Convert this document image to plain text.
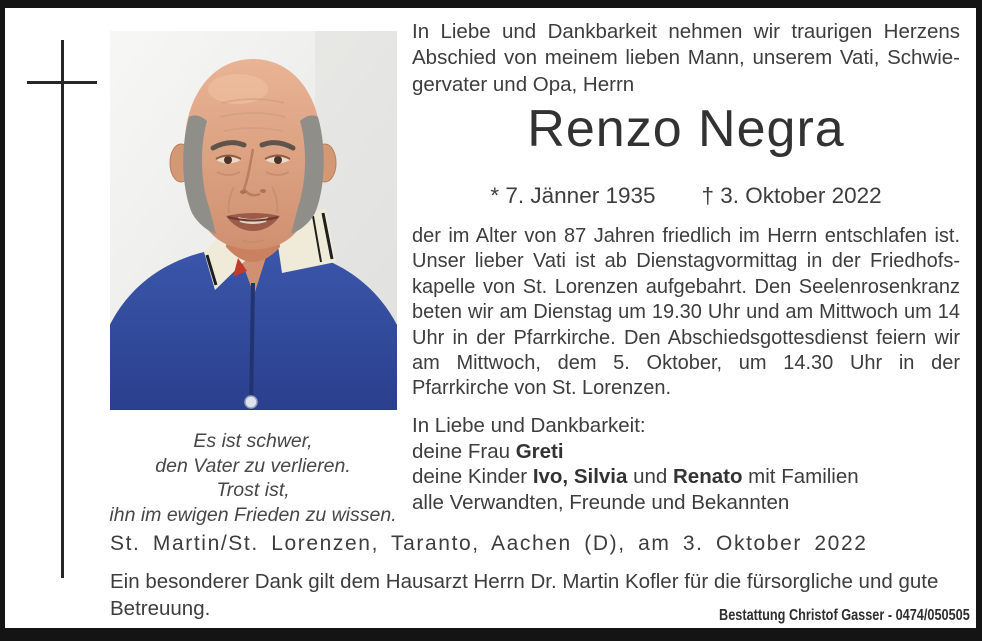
Es ist schwer,
den Vater zu verlieren.
Trost ist,
ihn im ewigen Frieden zu wissen.
In Liebe und Dankbarkeit nehmen wir traurigen Herzens Abschied von meinem lieben Mann, unserem Vati, Schwiegervater und Opa, Herrn
Renzo Negra
* 7. Jänner 1935 † 3. Oktober 2022
der im Alter von 87 Jahren friedlich im Herrn entschlafen ist. Unser lieber Vati ist ab Dienstagvormittag in der Friedhofskapelle von St. Lorenzen aufgebahrt. Den Seelenrosenkranz beten wir am Dienstag um 19.30 Uhr und am Mittwoch um 14 Uhr in der Pfarrkirche. Den Abschiedsgottesdienst feiern wir am Mittwoch, dem 5. Oktober, um 14.30 Uhr in der Pfarrkirche von St. Lorenzen.
In Liebe und Dankbarkeit:
deine Frau Greti
deine Kinder Ivo, Silvia und Renato mit Familien
alle Verwandten, Freunde und Bekannten
St. Martin/St. Lorenzen, Taranto, Aachen (D), am 3. Oktober 2022
Ein besonderer Dank gilt dem Hausarzt Herrn Dr. Martin Kofler für die fürsorgliche und gute Betreuung.	Bestattung Christof Gasser - 0474/050505
